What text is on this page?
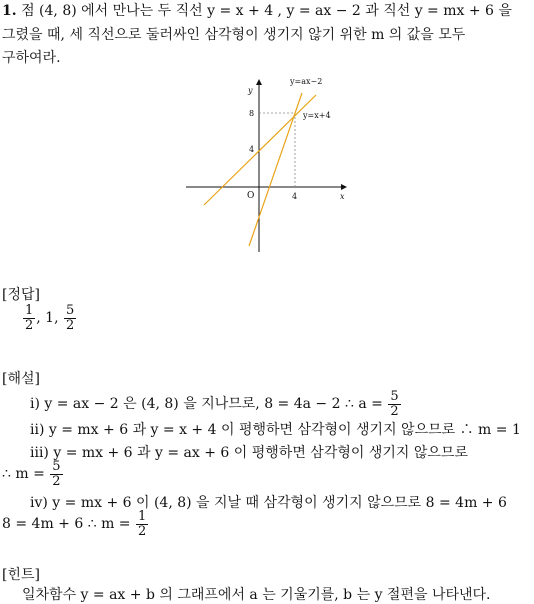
1. 점 (4, 8) 에서 만나는 두 직선 y = x + 4 , y = ax − 2 과 직선 y = mx + 6 을
그렸을 때, 세 직선으로 둘러싸인 삼각형이 생기지 않기 위한 m 의 값을 모두
구하여라.
y=ax−2
y=x+4
y
x
O
8
4
4
[정답]
$\frac{1}{2}$ , 1, $\frac{5}{2}$
[해설]
ⅰ) y = ax − 2 은 (4, 8) 을 지나므로, 8 = 4a − 2 ∴ $a = \frac{5}{2}$
ⅱ) y = mx + 6 과 y = x + 4 이 평행하면 삼각형이 생기지 않으므로 ∴ m = 1
ⅲ) y = mx + 6 과 y = ax + 6 이 평행하면 삼각형이 생기지 않으므로
∴ $m = \frac{5}{2}$
ⅳ) y = mx + 6 이 (4, 8) 을 지날 때 삼각형이 생기지 않으므로 8 = 4m + 6
8 = 4m + 6 ∴ $m = \frac{1}{2}$
[힌트]
일차함수 y = ax + b 의 그래프에서 a 는 기울기를, b 는 y 절편을 나타낸다.
